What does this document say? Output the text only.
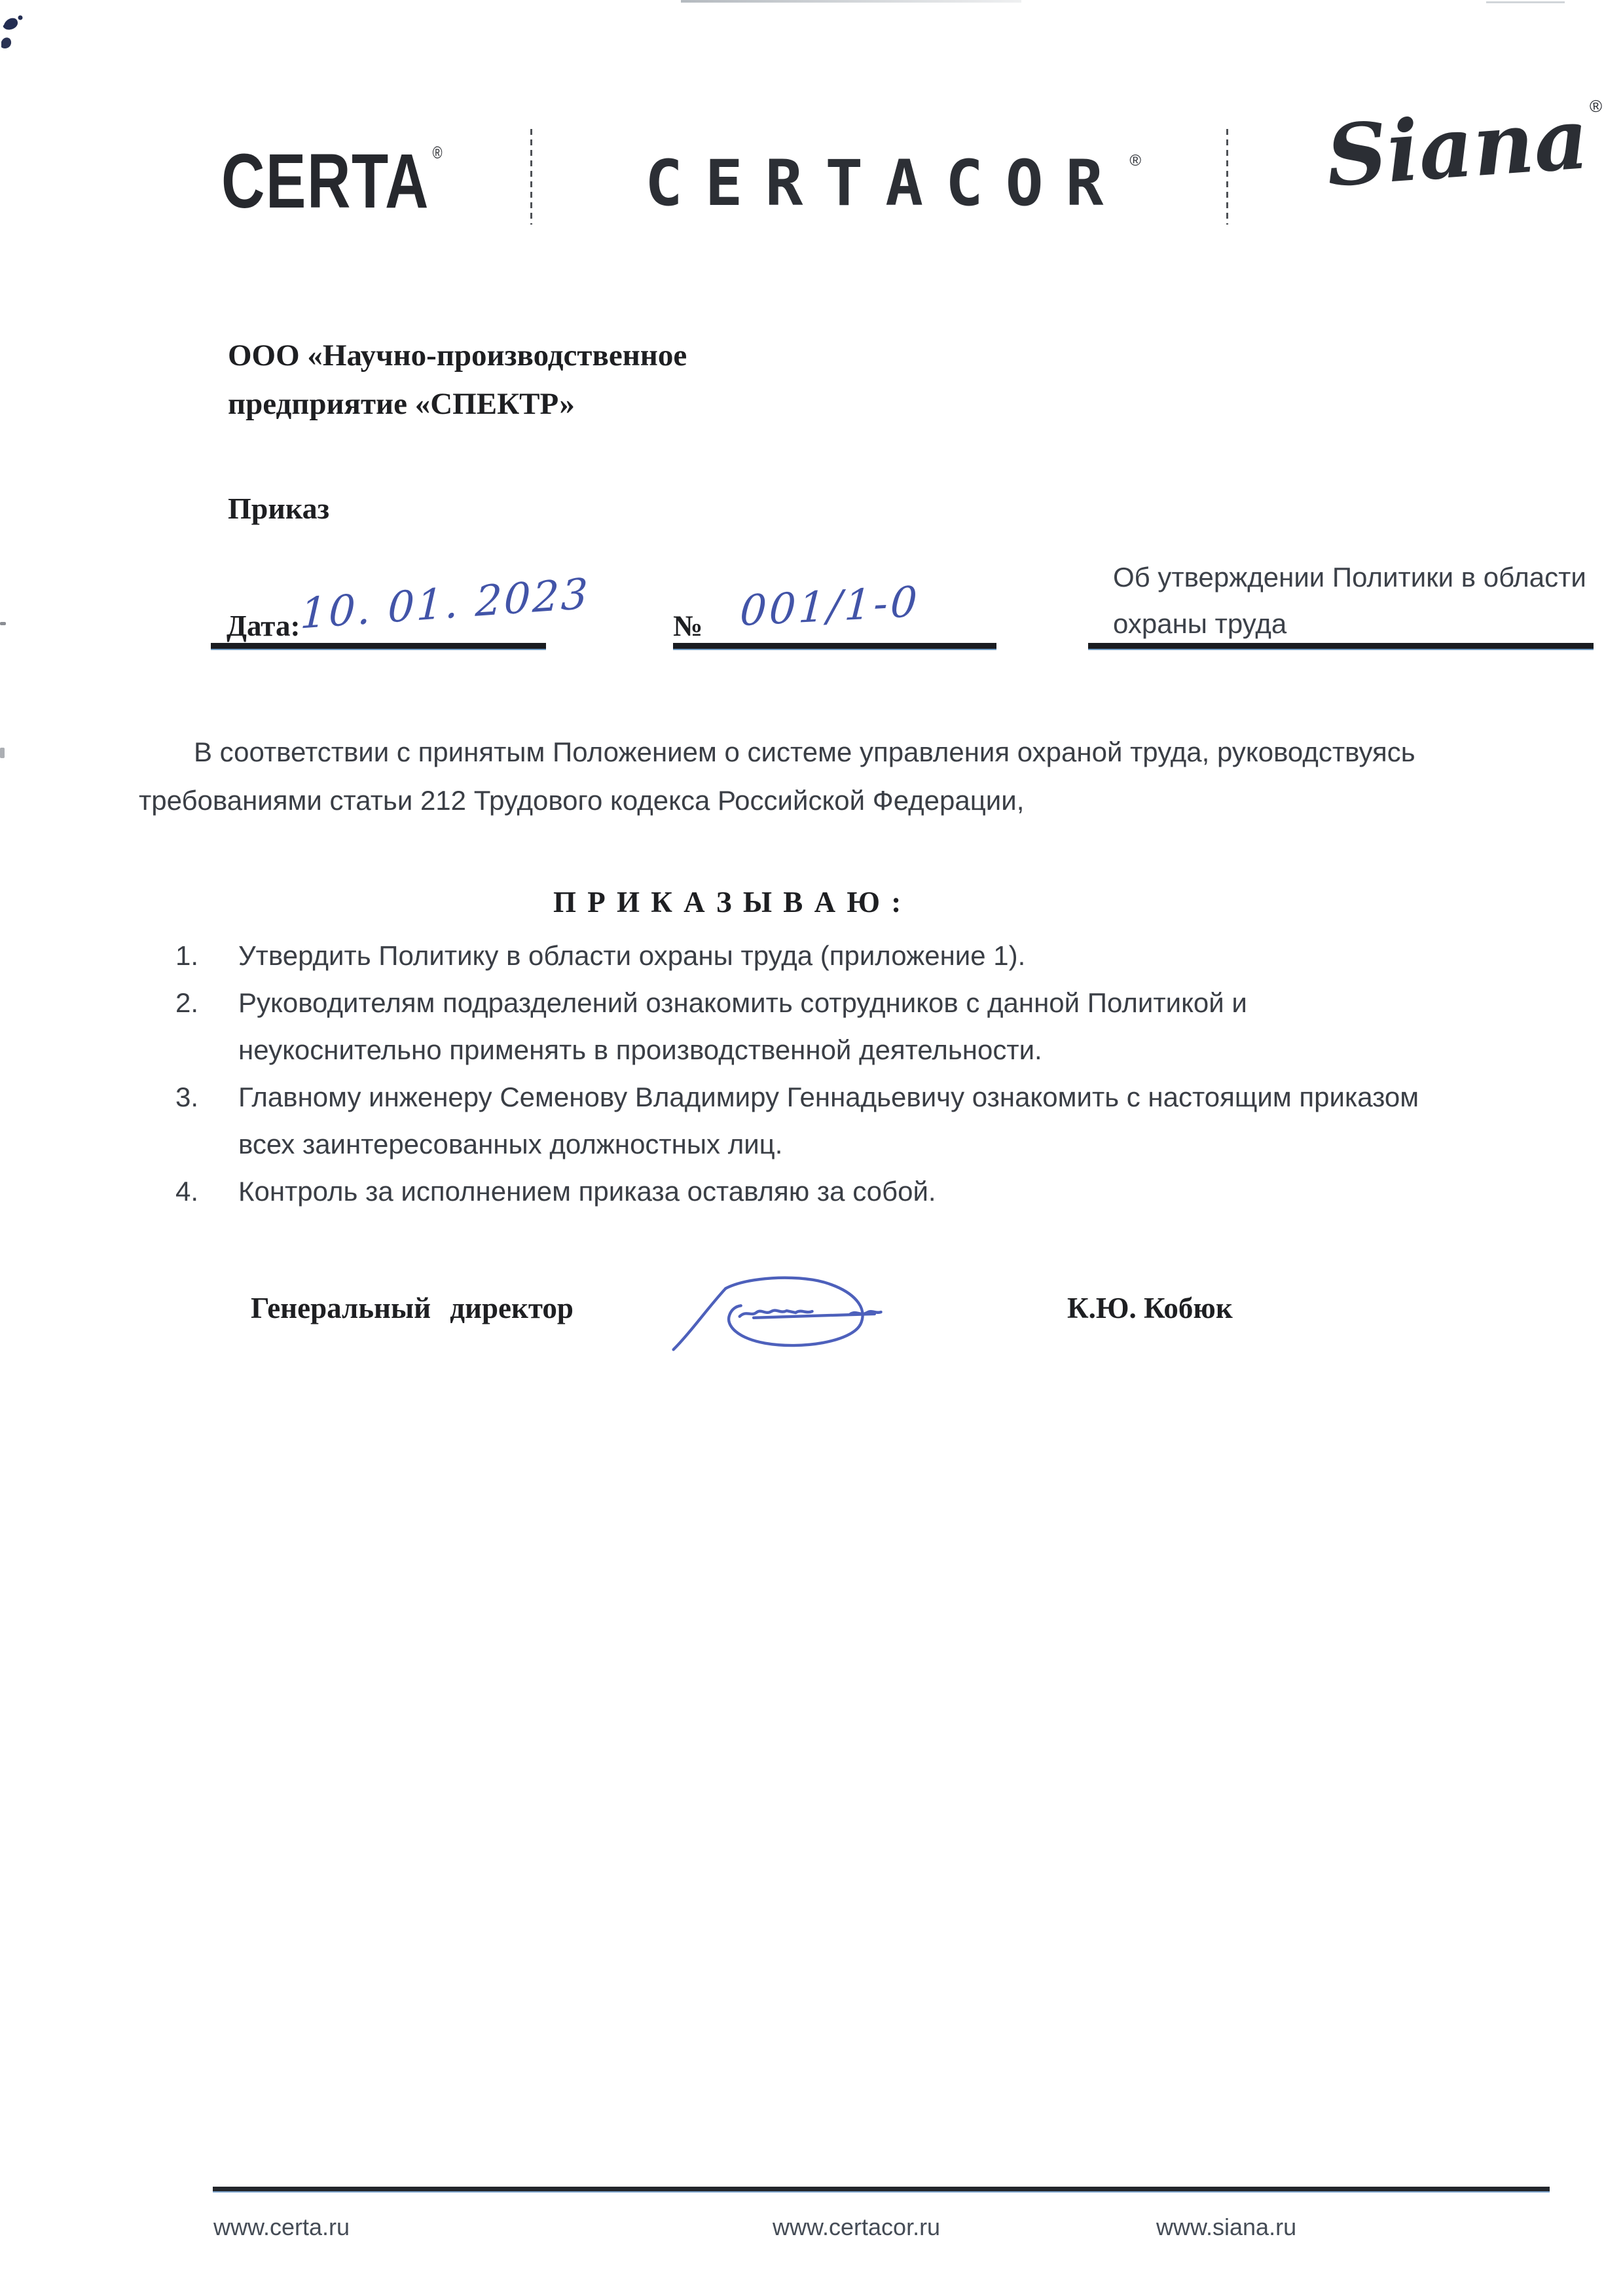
CERTA ®	CERTACOR ® Siana
®
ООО «Научно-производственное
предприятие «СПЕКТР»
Приказ
Об утверждении Политики в области
охраны труда
Дата:
10. 01. 2023	№ 001/1-0
В соответствии с принятым Положением о системе управления охраной труда, руководствуясь
требованиями статьи 212 Трудового кодекса Российской Федерации,
П Р И К А З Ы В А Ю :
1.	Утвердить Политику в области охраны труда (приложение 1).
2.	Руководителям подразделений ознакомить сотрудников с данной Политикой и
неукоснительно применять в производственной деятельности.
3.	Главному инженеру Семенову Владимиру Геннадьевичу ознакомить с настоящим приказом
всех заинтересованных должностных лиц.
4.	Контроль за исполнением приказа оставляю за собой.
Генеральный директор	К.Ю. Кобюк
www.certa.ru	www.certacor.ru	www.siana.ru
